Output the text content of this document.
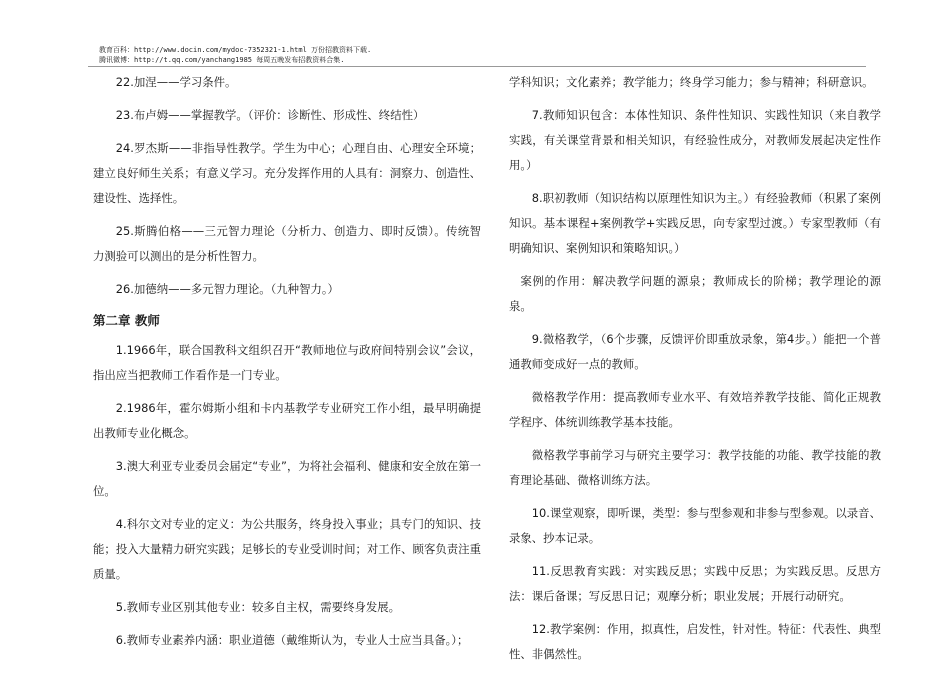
教育百科：http://www.docin.com/mydoc-7352321-1.html 万份招教资料下载.
腾讯微博：http://t.qq.com/yanchang1985 每周五晚发布招教资料合集.

22.加涅——学习条件。

23.布卢姆——掌握教学。（评价：诊断性、形成性、终结性）

24.罗杰斯——非指导性教学。学生为中心；心理自由、心理安全环境；建立良好师生关系；有意义学习。充分发挥作用的人具有：洞察力、创造性、建设性、选择性。

25.斯腾伯格——三元智力理论（分析力、创造力、即时反馈）。传统智力测验可以测出的是分析性智力。

26.加德纳——多元智力理论。（九种智力。）

第二章 教师

1.1966年，联合国教科文组织召开“教师地位与政府间特别会议”会议，指出应当把教师工作看作是一门专业。

2.1986年，霍尔姆斯小组和卡内基教学专业研究工作小组，最早明确提出教师专业化概念。

3.澳大利亚专业委员会届定“专业”，为将社会福利、健康和安全放在第一位。

4.科尔文对专业的定义：为公共服务，终身投入事业；具专门的知识、技能；投入大量精力研究实践；足够长的专业受训时间；对工作、顾客负责注重质量。

5.教师专业区别其他专业：较多自主权，需要终身发展。

6.教师专业素养内涵：职业道德（戴维斯认为，专业人士应当具备。）；

学科知识；文化素养；教学能力；终身学习能力；参与精神；科研意识。

7.教师知识包含：本体性知识、条件性知识、实践性知识（来自教学实践，有关课堂背景和相关知识，有经验性成分，对教师发展起决定性作用。）

8.职初教师（知识结构以原理性知识为主。）有经验教师（积累了案例知识。基本课程+案例教学+实践反思，向专家型过渡。）专家型教师（有明确知识、案例知识和策略知识。）

案例的作用：解决教学问题的源泉；教师成长的阶梯；教学理论的源泉。

9.微格教学，（6个步骤，反馈评价即重放录象，第4步。）能把一个普通教师变成好一点的教师。

微格教学作用：提高教师专业水平、有效培养教学技能、简化正规教学程序、体统训练教学基本技能。

微格教学事前学习与研究主要学习：教学技能的功能、教学技能的教育理论基础、微格训练方法。

10.课堂观察，即听课，类型：参与型参观和非参与型参观。以录音、录象、抄本记录。

11.反思教育实践：对实践反思；实践中反思；为实践反思。反思方法：课后备课；写反思日记；观摩分析；职业发展；开展行动研究。

12.教学案例：作用，拟真性，启发性，针对性。特征：代表性、典型性、非偶然性。
